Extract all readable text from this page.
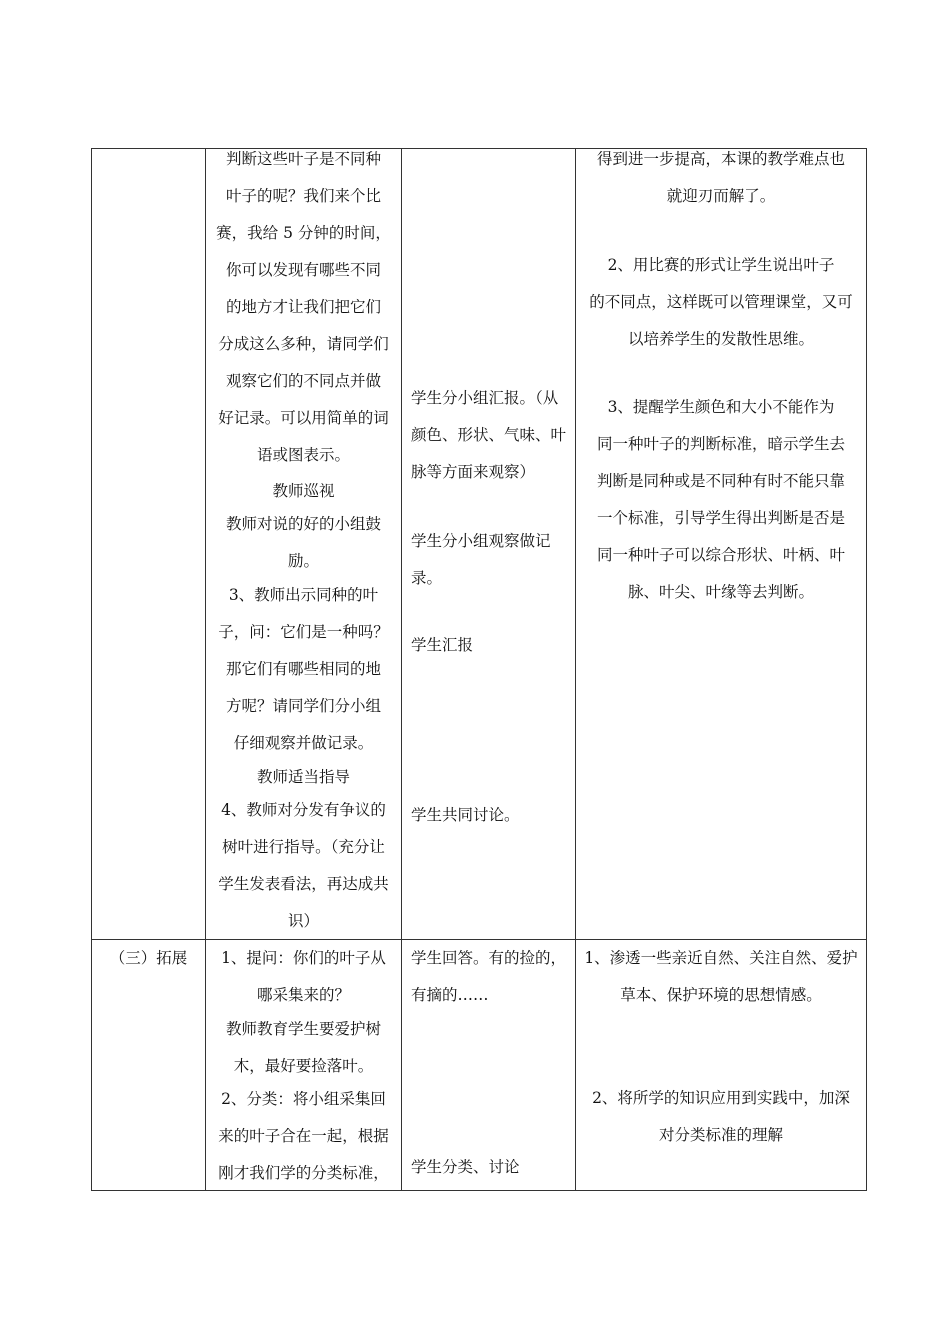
判断这些叶子是不同种
叶子的呢？我们来个比
赛，我给 5 分钟的时间，
你可以发现有哪些不同
的地方才让我们把它们
分成这么多种，请同学们
观察它们的不同点并做
好记录。可以用简单的词
语或图表示。
教师巡视
教师对说的好的小组鼓
励。
3、教师出示同种的叶
子，问：它们是一种吗？
那它们有哪些相同的地
方呢？请同学们分小组
仔细观察并做记录。
教师适当指导
4、教师对分发有争议的
树叶进行指导。（充分让
学生发表看法，再达成共
识）
学生分小组汇报。（从
颜色、形状、气味、叶
脉等方面来观察）
学生分小组观察做记
录。
学生汇报
学生共同讨论。
得到进一步提高，本课的教学难点也
就迎刃而解了。
2、用比赛的形式让学生说出叶子
的不同点，这样既可以管理课堂，又可
以培养学生的发散性思维。
3、提醒学生颜色和大小不能作为
同一种叶子的判断标准，暗示学生去
判断是同种或是不同种有时不能只靠
一个标准，引导学生得出判断是否是
同一种叶子可以综合形状、叶柄、叶
脉、叶尖、叶缘等去判断。
（三）拓展	1、提问：你们的叶子从
哪采集来的？
教师教育学生要爱护树
木，最好要捡落叶。
2、分类：将小组采集回
来的叶子合在一起，根据
刚才我们学的分类标准，
学生回答。有的捡的，
有摘的……
学生分类、讨论
1、渗透一些亲近自然、关注自然、爱护
草本、保护环境的思想情感。
2、将所学的知识应用到实践中，加深
对分类标准的理解
